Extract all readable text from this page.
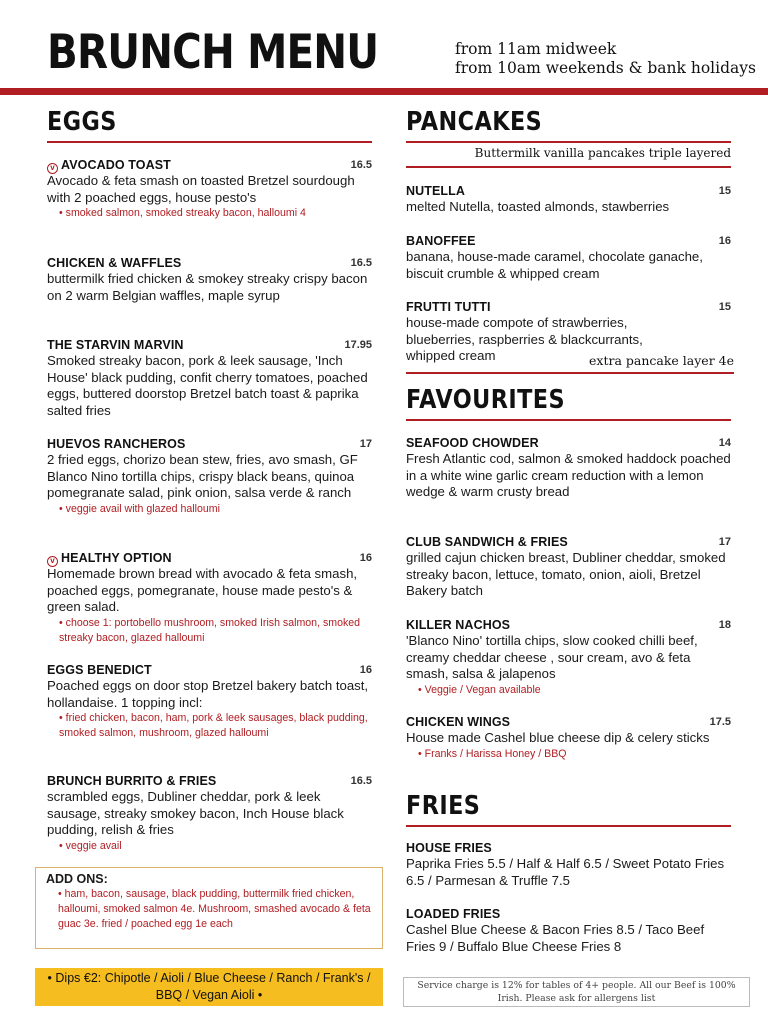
BRUNCH MENU	from 11am midweek
from 10am weekends & bank holidays
EGGS
v AVOCADO TOAST	16.5
Avocado & feta smash on toasted Bretzel sourdough with 2 poached eggs, house pesto's
• smoked salmon, smoked streaky bacon, halloumi 4
CHICKEN & WAFFLES	16.5
buttermilk fried chicken & smokey streaky crispy bacon on 2 warm Belgian waffles, maple syrup
THE STARVIN MARVIN	17.95
Smoked streaky bacon, pork & leek sausage, 'Inch House' black pudding, confit cherry tomatoes, poached eggs, buttered doorstop Bretzel batch toast & paprika salted fries
HUEVOS RANCHEROS	17
2 fried eggs, chorizo bean stew, fries, avo smash, GF Blanco Nino tortilla chips, crispy black beans, quinoa pomegranate salad, pink onion, salsa verde & ranch
• veggie avail with glazed halloumi
v HEALTHY OPTION	16
Homemade brown bread with avocado & feta smash, poached eggs, pomegranate, house made pesto's & green salad.
• choose 1: portobello mushroom, smoked Irish salmon, smoked streaky bacon, glazed halloumi
EGGS BENEDICT	16
Poached eggs on door stop Bretzel bakery batch toast, hollandaise. 1 topping incl:
• fried chicken, bacon, ham, pork & leek sausages, black pudding, smoked salmon, mushroom, glazed halloumi
BRUNCH BURRITO & FRIES	16.5
scrambled eggs, Dubliner cheddar, pork & leek sausage, streaky smokey bacon, Inch House black pudding, relish & fries
• veggie avail
ADD ONS:
• ham, bacon, sausage, black pudding, buttermilk fried chicken, halloumi, smoked salmon 4e. Mushroom, smashed avocado & feta guac 3e. fried / poached egg 1e each
• Dips €2: Chipotle / Aioli / Blue Cheese / Ranch / Frank's / BBQ / Vegan Aioli •
PANCAKES
Buttermilk vanilla pancakes triple layered
NUTELLA	15
melted Nutella, toasted almonds, stawberries
BANOFFEE	16
banana, house-made caramel, chocolate ganache, biscuit crumble & whipped cream
FRUTTI TUTTI	15
house-made compote of strawberries, blueberries, raspberries & blackcurrants, whipped cream	extra pancake layer 4e
FAVOURITES
SEAFOOD CHOWDER	14
Fresh Atlantic cod, salmon & smoked haddock poached in a white wine garlic cream reduction with a lemon wedge & warm crusty bread
CLUB SANDWICH & FRIES	17
grilled cajun chicken breast, Dubliner cheddar, smoked streaky bacon, lettuce, tomato, onion, aioli, Bretzel Bakery batch
KILLER NACHOS	18
'Blanco Nino' tortilla chips, slow cooked chilli beef, creamy cheddar cheese , sour cream, avo & feta smash, salsa & jalapenos
• Veggie / Vegan available
CHICKEN WINGS	17.5
House made Cashel blue cheese dip & celery sticks
• Franks / Harissa Honey / BBQ
FRIES
HOUSE FRIES
Paprika Fries 5.5 / Half & Half 6.5 / Sweet Potato Fries 6.5 / Parmesan & Truffle 7.5
LOADED FRIES
Cashel Blue Cheese & Bacon Fries 8.5 / Taco Beef Fries 9 / Buffalo Blue Cheese Fries 8
Service charge is 12% for tables of 4+ people. All our Beef is 100% Irish. Please ask for allergens list
